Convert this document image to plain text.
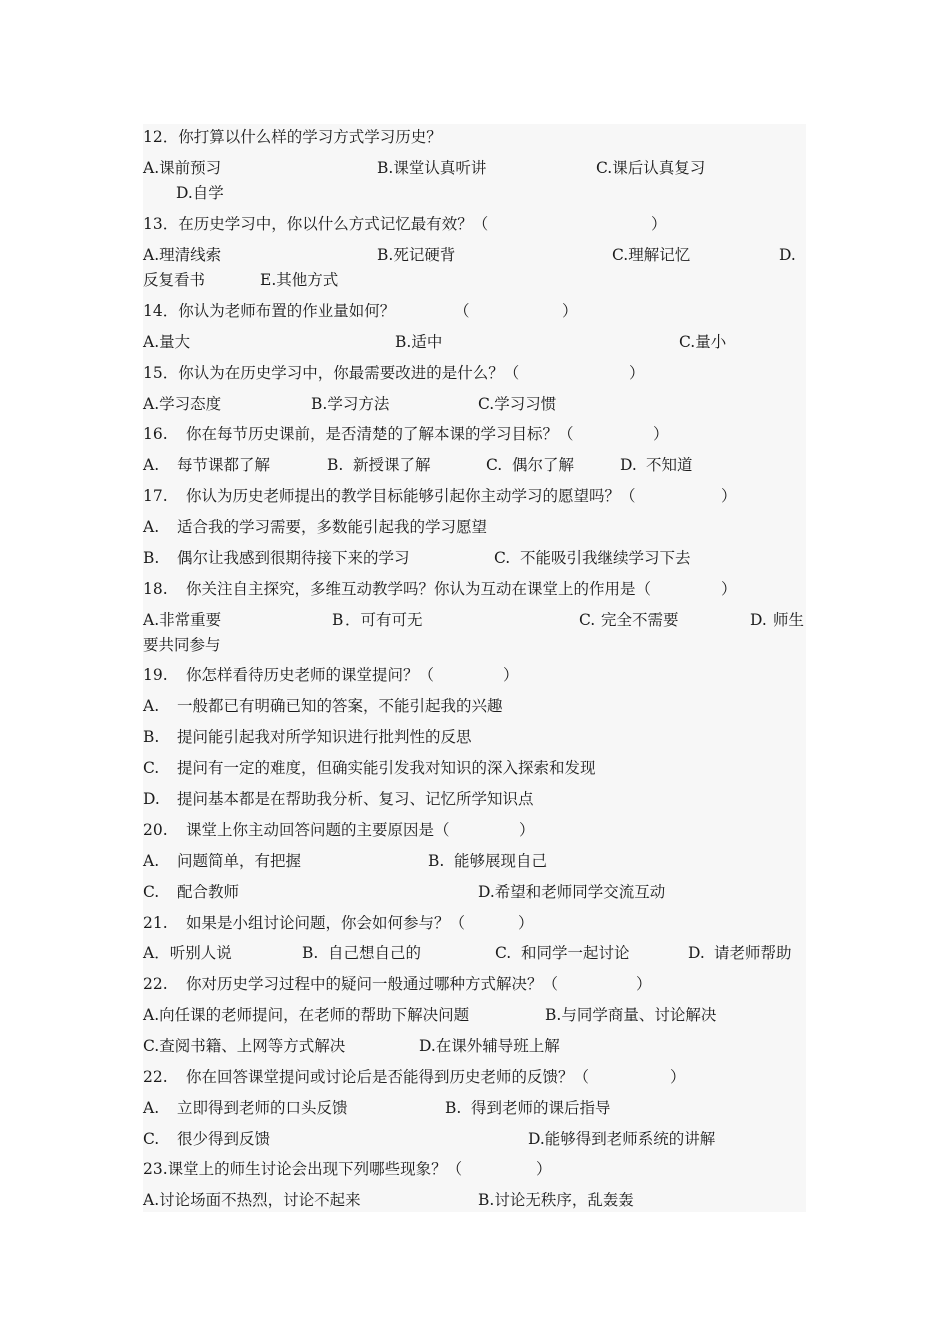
12．你打算以什么样的学习方式学习历史？
A.课前预习	B.课堂认真听讲	C.课后认真复习
D.自学
13．在历史学习中，你以什么方式记忆最有效？（	）
A.理清线索	B.死记硬背	C.理解记忆	D.
反复看书	E.其他方式
14．你认为老师布置的作业量如何？	（	）
A.量大	B.适中	C.量小
15．你认为在历史学习中，你最需要改进的是什么？（	）
A.学习态度	B.学习方法	C.学习习惯
16. 你在每节历史课前，是否清楚的了解本课的学习目标？（	）
A. 每节课都了解	B. 新授课了解	C. 偶尔了解	D. 不知道
17. 你认为历史老师提出的教学目标能够引起你主动学习的愿望吗？（	）
A. 适合我的学习需要，多数能引起我的学习愿望
B. 偶尔让我感到很期待接下来的学习	C. 不能吸引我继续学习下去
18. 你关注自主探究，多维互动教学吗？你认为互动在课堂上的作用是（	）
A.非常重要	B ．可有可无	C. 完全不需要	D. 师生
要共同参与
19. 你怎样看待历史老师的课堂提问？（	）
A. 一般都已有明确已知的答案，不能引起我的兴趣
B. 提问能引起我对所学知识进行批判性的反思
C. 提问有一定的难度，但确实能引发我对知识的深入探索和发现
D. 提问基本都是在帮助我分析、复习、记忆所学知识点
20. 课堂上你主动回答问题的主要原因是（	）
A. 问题简单，有把握	B. 能够展现自己
C. 配合教师	D.希望和老师同学交流互动
21. 如果是小组讨论问题，你会如何参与？（	）
A．听别人说	B. 自己想自己的	C. 和同学一起讨论	D. 请老师帮助
22. 你对历史学习过程中的疑问一般通过哪种方式解决？（	）
A.向任课的老师提问，在老师的帮助下解决问题	B.与同学商量、讨论解决
C.查阅书籍、上网等方式解决	D.在课外辅导班上解
22. 你在回答课堂提问或讨论后是否能得到历史老师的反馈？（	）
A. 立即得到老师的口头反馈	B. 得到老师的课后指导
C. 很少得到反馈	D.能够得到老师系统的讲解
23.课堂上的师生讨论会出现下列哪些现象？（	）
A.讨论场面不热烈，讨论不起来	B.讨论无秩序，乱轰轰
